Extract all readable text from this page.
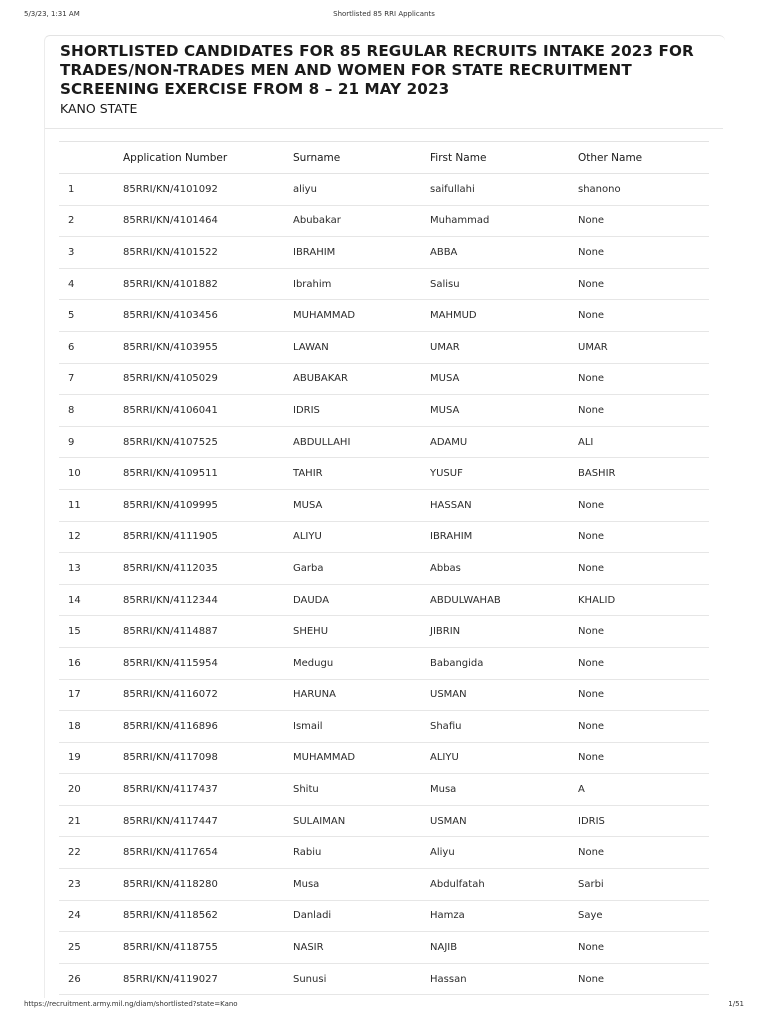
5/3/23, 1:31 AM	Shortlisted 85 RRI Applicants
SHORTLISTED CANDIDATES FOR 85 REGULAR RECRUITS INTAKE 2023 FOR TRADES/NON-TRADES MEN AND WOMEN FOR STATE RECRUITMENT SCREENING EXERCISE FROM 8 – 21 MAY 2023

KANO STATE

	Application Number	Surname	First Name	Other Name
1	85RRI/KN/4101092	aliyu	saifullahi	shanono
2	85RRI/KN/4101464	Abubakar	Muhammad	None
3	85RRI/KN/4101522	IBRAHIM	ABBA	None
4	85RRI/KN/4101882	Ibrahim	Salisu	None
5	85RRI/KN/4103456	MUHAMMAD	MAHMUD	None
6	85RRI/KN/4103955	LAWAN	UMAR	UMAR
7	85RRI/KN/4105029	ABUBAKAR	MUSA	None
8	85RRI/KN/4106041	IDRIS	MUSA	None
9	85RRI/KN/4107525	ABDULLAHI	ADAMU	ALI
10	85RRI/KN/4109511	TAHIR	YUSUF	BASHIR
11	85RRI/KN/4109995	MUSA	HASSAN	None
12	85RRI/KN/4111905	ALIYU	IBRAHIM	None
13	85RRI/KN/4112035	Garba	Abbas	None
14	85RRI/KN/4112344	DAUDA	ABDULWAHAB	KHALID
15	85RRI/KN/4114887	SHEHU	JIBRIN	None
16	85RRI/KN/4115954	Medugu	Babangida	None
17	85RRI/KN/4116072	HARUNA	USMAN	None
18	85RRI/KN/4116896	Ismail	Shafiu	None
19	85RRI/KN/4117098	MUHAMMAD	ALIYU	None
20	85RRI/KN/4117437	Shitu	Musa	A
21	85RRI/KN/4117447	SULAIMAN	USMAN	IDRIS
22	85RRI/KN/4117654	Rabiu	Aliyu	None
23	85RRI/KN/4118280	Musa	Abdulfatah	Sarbi
24	85RRI/KN/4118562	Danladi	Hamza	Saye
25	85RRI/KN/4118755	NASIR	NAJIB	None
26	85RRI/KN/4119027	Sunusi	Hassan	None
https://recruitment.army.mil.ng/diam/shortlisted?state=Kano	1/51
